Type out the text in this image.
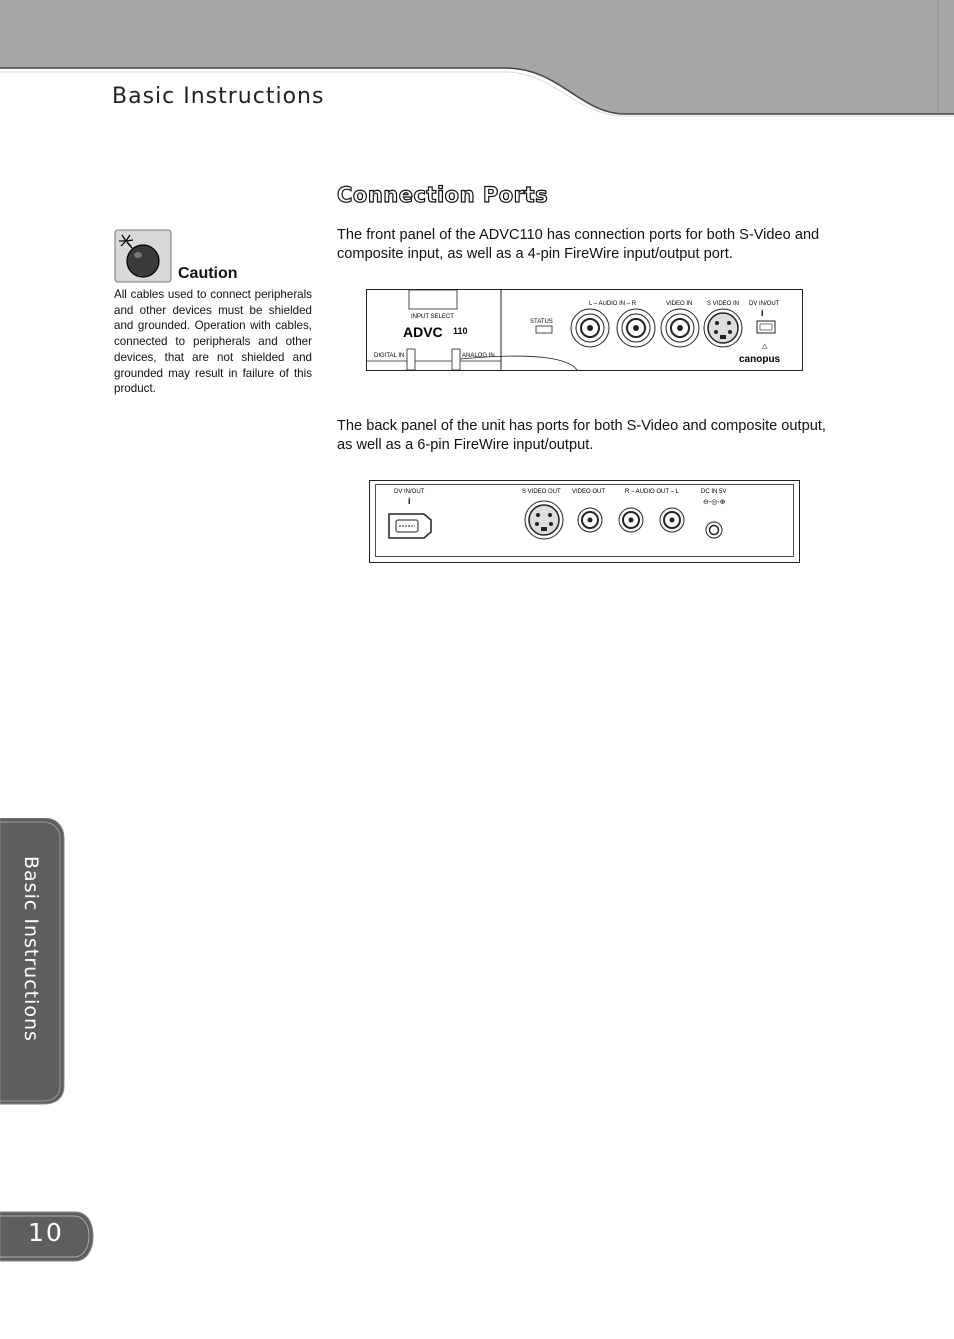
Basic Instructions
Connection Ports
The front panel of the ADVC110 has connection ports for both S-Video and composite input, as well as a 4-pin FireWire input/output port.
The back panel of the unit has ports for both S-Video and composite output, as well as a 6-pin FireWire input/output.
Caution
All cables used to connect peripherals and other devices must be shielded and grounded. Operation with cables, connected to peripherals and other devices, that are not shielded and grounded may result in failure of this product.
INPUT SELECT
ADVC 110
DIGITAL IN	ANALOG IN
STATUS
L – AUDIO IN – R	VIDEO IN S VIDEO IN DV IN/OUT
i
△
canopus
DV IN/OUT
i
S VIDEO OUT VIDEO OUT	R – AUDIO OUT – L	DC IN 5V
⊖-◎-⊕
Basic Instructions
10
